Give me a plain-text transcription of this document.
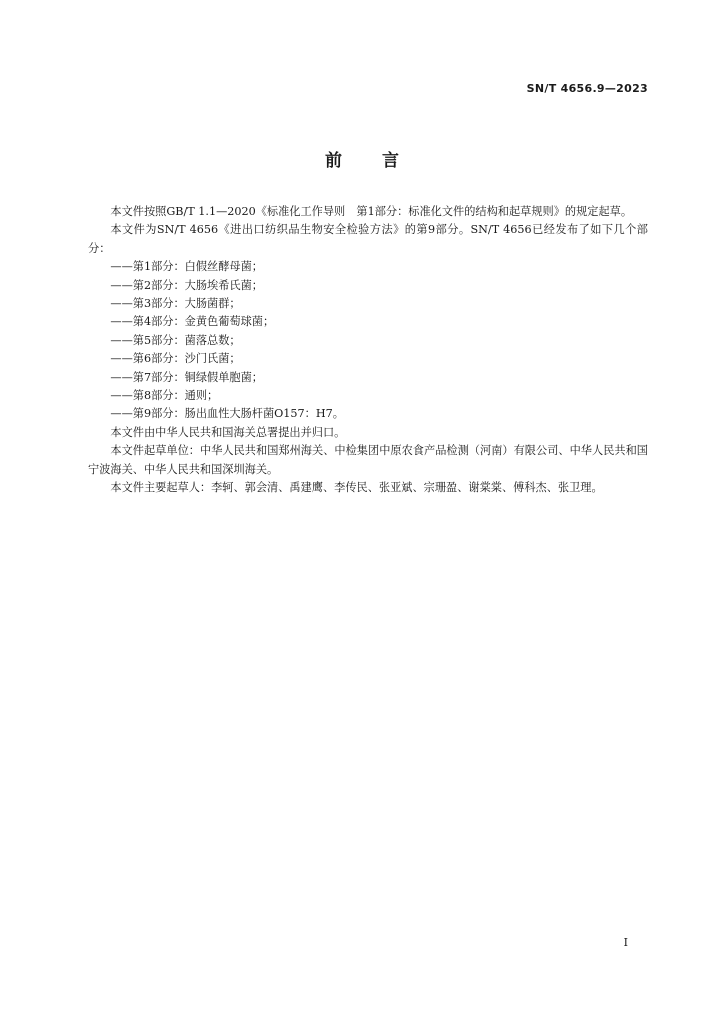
SN/T 4656.9—2023
前 言

本文件按照GB/T 1.1—2020《标准化工作导则　第1部分：标准化文件的结构和起草规则》的规定起草。

本文件为SN/T 4656《进出口纺织品生物安全检验方法》的第9部分。SN/T 4656已经发布了如下几个部分：

——第1部分：白假丝酵母菌；

——第2部分：大肠埃希氏菌；

——第3部分：大肠菌群；

——第4部分：金黄色葡萄球菌；

——第5部分：菌落总数；

——第6部分：沙门氏菌；

——第7部分：铜绿假单胞菌；

——第8部分：通则；

——第9部分：肠出血性大肠杆菌O157：H7。

本文件由中华人民共和国海关总署提出并归口。

本文件起草单位：中华人民共和国郑州海关、中检集团中原农食产品检测（河南）有限公司、中华人民共和国宁波海关、中华人民共和国深圳海关。

本文件主要起草人：李轲、郭会清、禹建鹰、李传民、张亚斌、宗珊盈、谢棠棠、傅科杰、张卫理。

I
